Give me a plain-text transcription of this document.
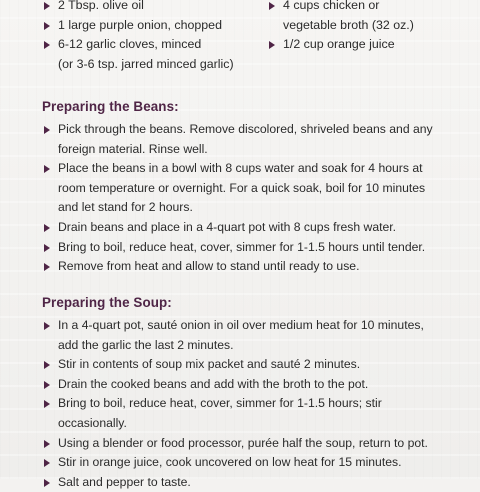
2 Tbsp. olive oil
1 large purple onion, chopped
6-12 garlic cloves, minced
(or 3-6 tsp. jarred minced garlic)
4 cups chicken or
vegetable broth (32 oz.)
1/2 cup orange juice
Preparing the Beans:
Pick through the beans. Remove discolored, shriveled beans and any foreign material. Rinse well.
Place the beans in a bowl with 8 cups water and soak for 4 hours at room temperature or overnight. For a quick soak, boil for 10 minutes and let stand for 2 hours.
Drain beans and place in a 4-quart pot with 8 cups fresh water.
Bring to boil, reduce heat, cover, simmer for 1-1.5 hours until tender.
Remove from heat and allow to stand until ready to use.
Preparing the Soup:
In a 4-quart pot, sauté onion in oil over medium heat for 10 minutes, add the garlic the last 2 minutes.
Stir in contents of soup mix packet and sauté 2 minutes.
Drain the cooked beans and add with the broth to the pot.
Bring to boil, reduce heat, cover, simmer for 1-1.5 hours; stir occasionally.
Using a blender or food processor, purée half the soup, return to pot.
Stir in orange juice, cook uncovered on low heat for 15 minutes.
Salt and pepper to taste.
